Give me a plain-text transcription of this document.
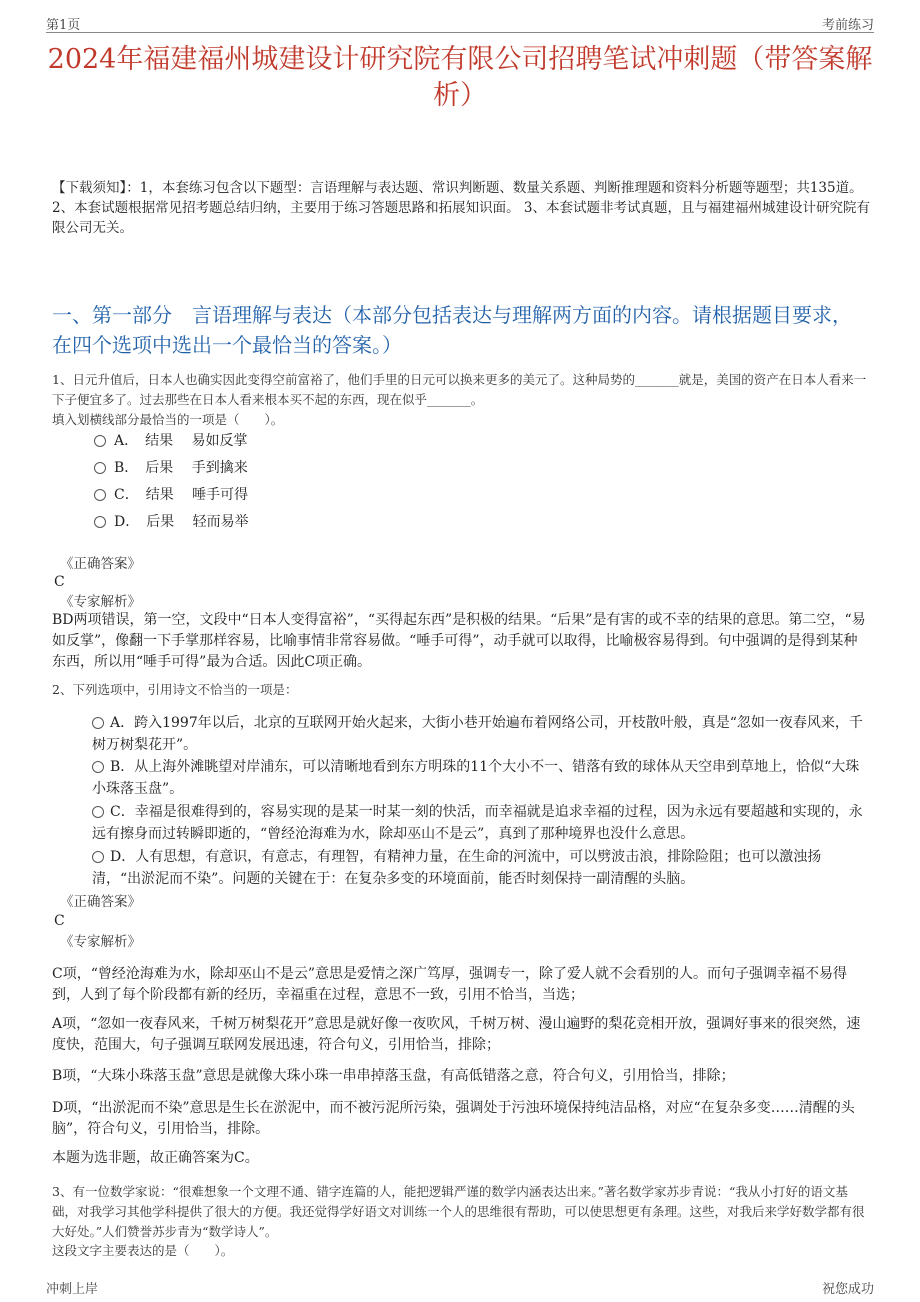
第1页	考前练习
2024年福建福州城建设计研究院有限公司招聘笔试冲刺题（带答案解析）
【下载须知】：1，本套练习包含以下题型：言语理解与表达题、常识判断题、数量关系题、判断推理题和资料分析题等题型；共135道。 2、本套试题根据常见招考题总结归纳，主要用于练习答题思路和拓展知识面。 3、本套试题非考试真题，且与福建福州城建设计研究院有限公司无关。
一、第一部分　言语理解与表达（本部分包括表达与理解两方面的内容。请根据题目要求，在四个选项中选出一个最恰当的答案。）
1、日元升值后，日本人也确实因此变得空前富裕了，他们手里的日元可以换来更多的美元了。这种局势的_______就是，美国的资产在日本人看来一下子便宜多了。过去那些在日本人看来根本买不起的东西，现在似乎_______。
填入划横线部分最恰当的一项是（　　）。
A．　结果　 易如反掌
B．　后果　 手到擒来
C．　结果　 唾手可得
D．　后果　 轻而易举
《正确答案》
C
《专家解析》
BD两项错误，第一空，文段中“日本人变得富裕”，“买得起东西”是积极的结果。“后果”是有害的或不幸的结果的意思。第二空，“易如反掌”，像翻一下手掌那样容易，比喻事情非常容易做。“唾手可得”，动手就可以取得，比喻极容易得到。句中强调的是得到某种东西，所以用“唾手可得”最为合适。因此C项正确。
2、下列选项中，引用诗文不恰当的一项是：
A．跨入1997年以后，北京的互联网开始火起来，大街小巷开始遍布着网络公司，开枝散叶般，真是“忽如一夜春风来，千树万树梨花开”。
B．从上海外滩眺望对岸浦东，可以清晰地看到东方明珠的11个大小不一、错落有致的球体从天空串到草地上，恰似“大珠小珠落玉盘”。
C．幸福是很难得到的，容易实现的是某一时某一刻的快活，而幸福就是追求幸福的过程，因为永远有要超越和实现的，永远有擦身而过转瞬即逝的，“曾经沧海难为水，除却巫山不是云”，真到了那种境界也没什么意思。
D．人有思想，有意识，有意志，有理智，有精神力量，在生命的河流中，可以劈波击浪，排除险阻；也可以激浊扬清，“出淤泥而不染”。问题的关键在于：在复杂多变的环境面前，能否时刻保持一副清醒的头脑。
《正确答案》
C
《专家解析》
C项，“曾经沧海难为水，除却巫山不是云”意思是爱情之深广笃厚，强调专一，除了爱人就不会看别的人。而句子强调幸福不易得到，人到了每个阶段都有新的经历，幸福重在过程，意思不一致，引用不恰当，当选；
A项，“忽如一夜春风来，千树万树梨花开”意思是就好像一夜吹风，千树万树、漫山遍野的梨花竞相开放，强调好事来的很突然，速度快，范围大，句子强调互联网发展迅速，符合句义，引用恰当，排除；
B项，“大珠小珠落玉盘”意思是就像大珠小珠一串串掉落玉盘，有高低错落之意，符合句义，引用恰当，排除；
D项，“出淤泥而不染”意思是生长在淤泥中，而不被污泥所污染，强调处于污浊环境保持纯洁品格，对应“在复杂多变……清醒的头脑”，符合句义，引用恰当，排除。
本题为选非题，故正确答案为C。
3、有一位数学家说：“很难想象一个文理不通、错字连篇的人，能把逻辑严谨的数学内涵表达出来。”著名数学家苏步青说：“我从小打好的语文基础，对我学习其他学科提供了很大的方便。我还觉得学好语文对训练一个人的思维很有帮助，可以使思想更有条理。这些，对我后来学好数学都有很大好处。”人们赞誉苏步青为“数学诗人”。
这段文字主要表达的是（　　）。
冲刺上岸	祝您成功
